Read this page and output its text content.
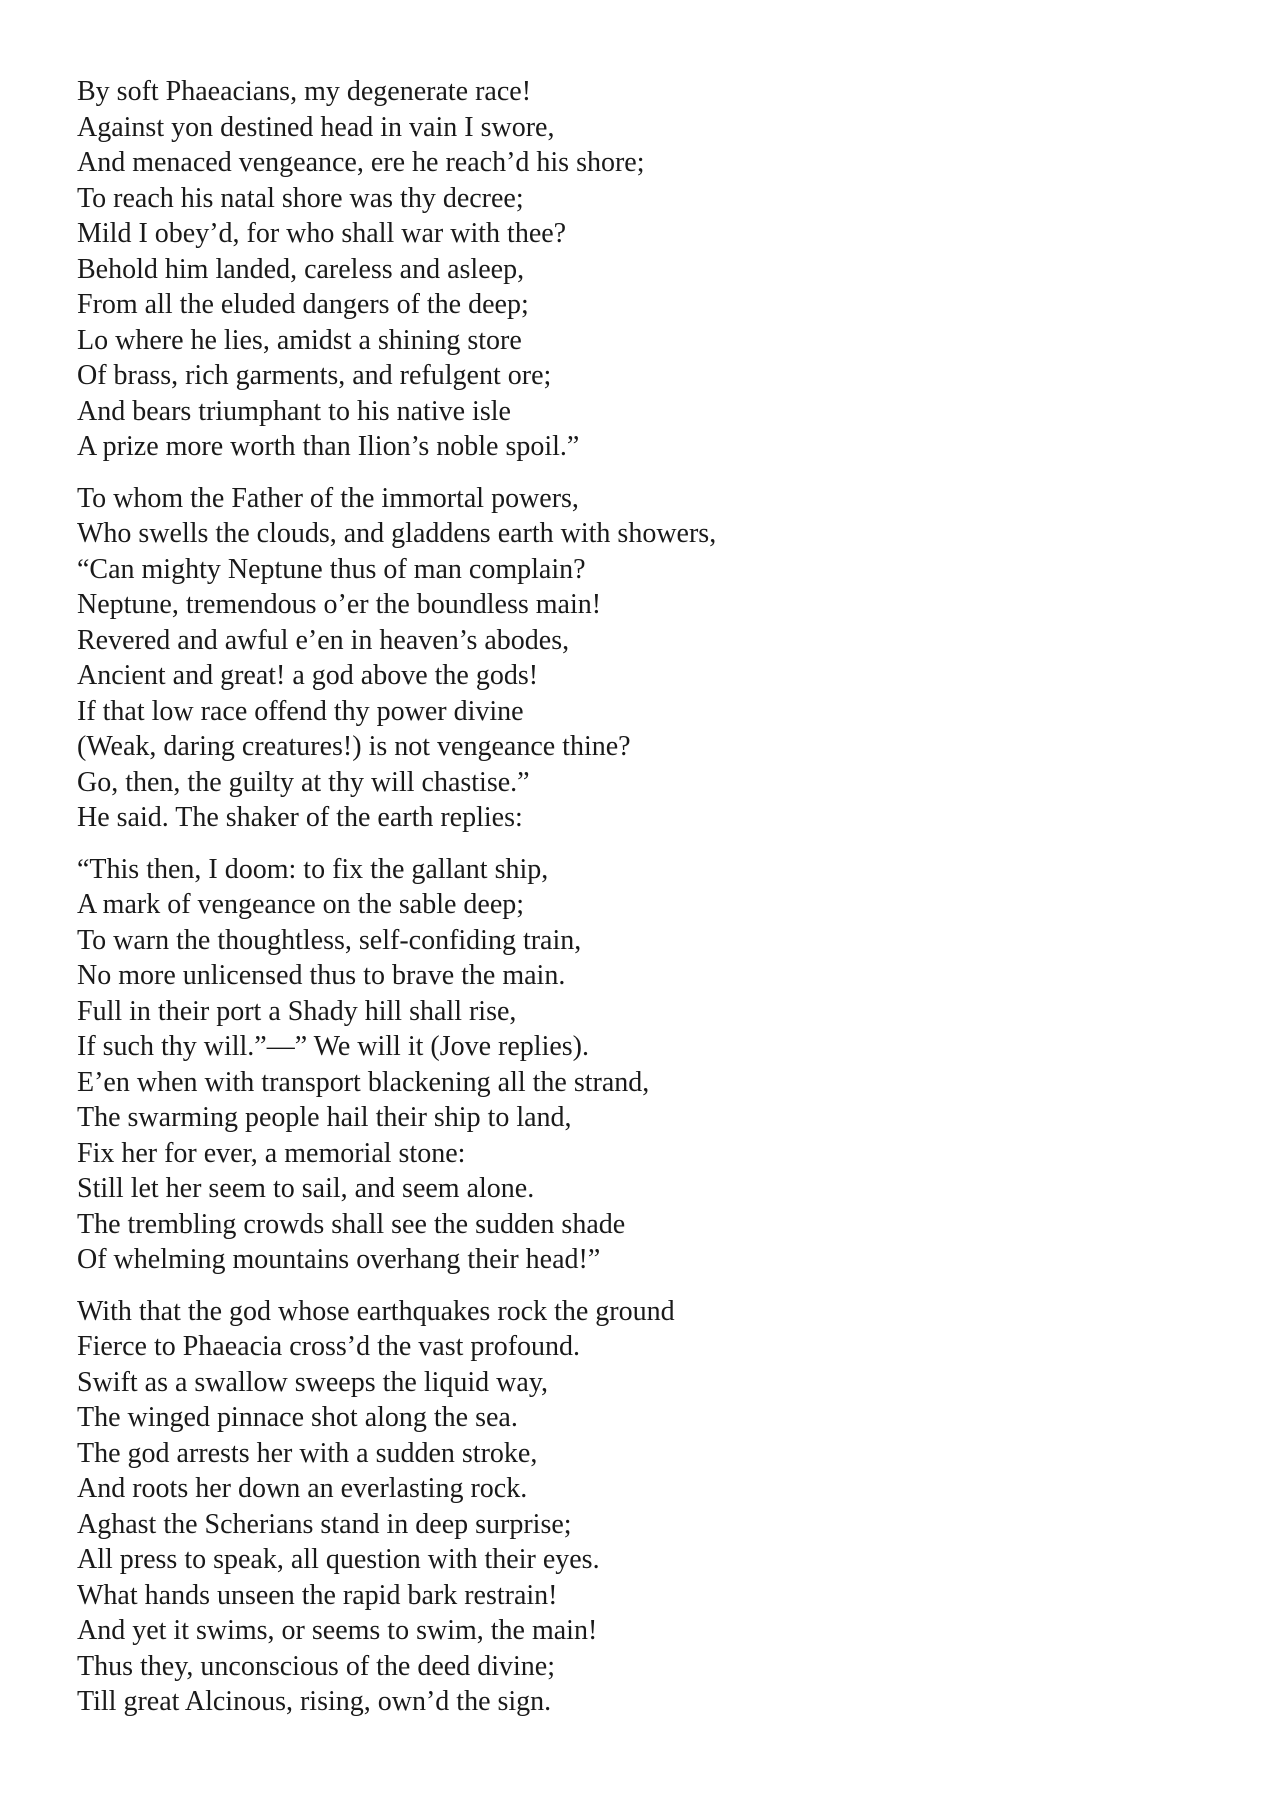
By soft Phaeacians, my degenerate race!
Against yon destined head in vain I swore,
And menaced vengeance, ere he reach’d his shore;
To reach his natal shore was thy decree;
Mild I obey’d, for who shall war with thee?
Behold him landed, careless and asleep,
From all the eluded dangers of the deep;
Lo where he lies, amidst a shining store
Of brass, rich garments, and refulgent ore;
And bears triumphant to his native isle
A prize more worth than Ilion’s noble spoil.”
To whom the Father of the immortal powers,
Who swells the clouds, and gladdens earth with showers,
“Can mighty Neptune thus of man complain?
Neptune, tremendous o’er the boundless main!
Revered and awful e’en in heaven’s abodes,
Ancient and great! a god above the gods!
If that low race offend thy power divine
(Weak, daring creatures!) is not vengeance thine?
Go, then, the guilty at thy will chastise.”
He said. The shaker of the earth replies:
“This then, I doom: to fix the gallant ship,
A mark of vengeance on the sable deep;
To warn the thoughtless, self-confiding train,
No more unlicensed thus to brave the main.
Full in their port a Shady hill shall rise,
If such thy will.”—” We will it (Jove replies).
E’en when with transport blackening all the strand,
The swarming people hail their ship to land,
Fix her for ever, a memorial stone:
Still let her seem to sail, and seem alone.
The trembling crowds shall see the sudden shade
Of whelming mountains overhang their head!”
With that the god whose earthquakes rock the ground
Fierce to Phaeacia cross’d the vast profound.
Swift as a swallow sweeps the liquid way,
The winged pinnace shot along the sea.
The god arrests her with a sudden stroke,
And roots her down an everlasting rock.
Aghast the Scherians stand in deep surprise;
All press to speak, all question with their eyes.
What hands unseen the rapid bark restrain!
And yet it swims, or seems to swim, the main!
Thus they, unconscious of the deed divine;
Till great Alcinous, rising, own’d the sign.
